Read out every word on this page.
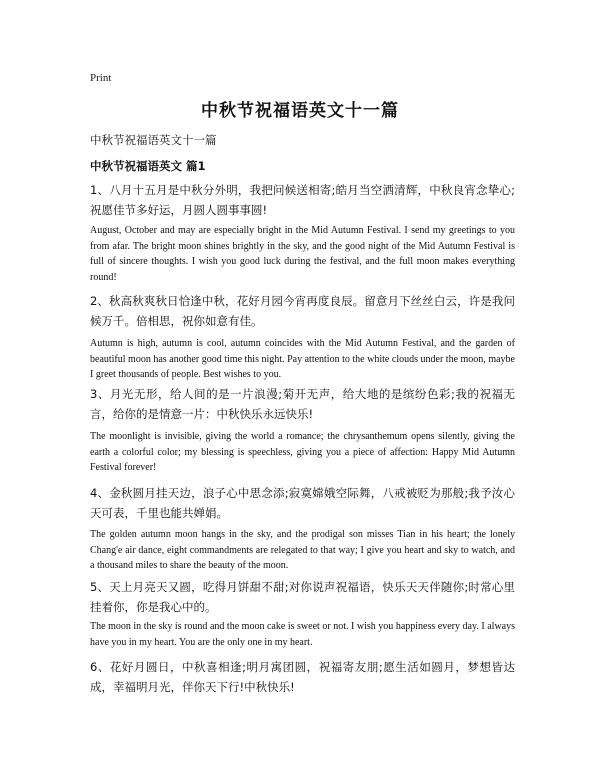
Print
中秋节祝福语英文十一篇
中秋节祝福语英文十一篇
中秋节祝福语英文 篇1
1、八月十五月是中秋分外明，我把问候送相寄;皓月当空洒清辉，中秋良宵念挚心;祝愿佳节多好运，月圆人圆事事圆!
August, October and may are especially bright in the Mid Autumn Festival. I send my greetings to you from afar. The bright moon shines brightly in the sky, and the good night of the Mid Autumn Festival is full of sincere thoughts. I wish you good luck during the festival, and the full moon makes everything round!
2、秋高秋爽秋日恰逢中秋，花好月园今宵再度良辰。留意月下丝丝白云，许是我问候万千。倍相思，祝你如意有佳。
Autumn is high, autumn is cool, autumn coincides with the Mid Autumn Festival, and the garden of beautiful moon has another good time this night. Pay attention to the white clouds under the moon, maybe I greet thousands of people. Best wishes to you.
3、月光无形，给人间的是一片浪漫;菊开无声，给大地的是缤纷色彩;我的祝福无言，给你的是情意一片：中秋快乐永远快乐!
The moonlight is invisible, giving the world a romance; the chrysanthemum opens silently, giving the earth a colorful color; my blessing is speechless, giving you a piece of affection: Happy Mid Autumn Festival forever!
4、金秋圆月挂天边，浪子心中思念添;寂寞嫦娥空际舞，八戒被贬为那般;我予汝心天可表，千里也能共婵娟。
The golden autumn moon hangs in the sky, and the prodigal son misses Tian in his heart; the lonely Chang'e air dance, eight commandments are relegated to that way; I give you heart and sky to watch, and a thousand miles to share the beauty of the moon.
5、天上月亮天又圆，吃得月饼甜不甜;对你说声祝福语，快乐天天伴随你;时常心里挂着你，你是我心中的。
The moon in the sky is round and the moon cake is sweet or not. I wish you happiness every day. I always have you in my heart. You are the only one in my heart.
6、花好月圆日，中秋喜相逢;明月寓团圆，祝福寄友朋;愿生活如圆月，梦想皆达成，幸福明月光，伴你天下行!中秋快乐!
